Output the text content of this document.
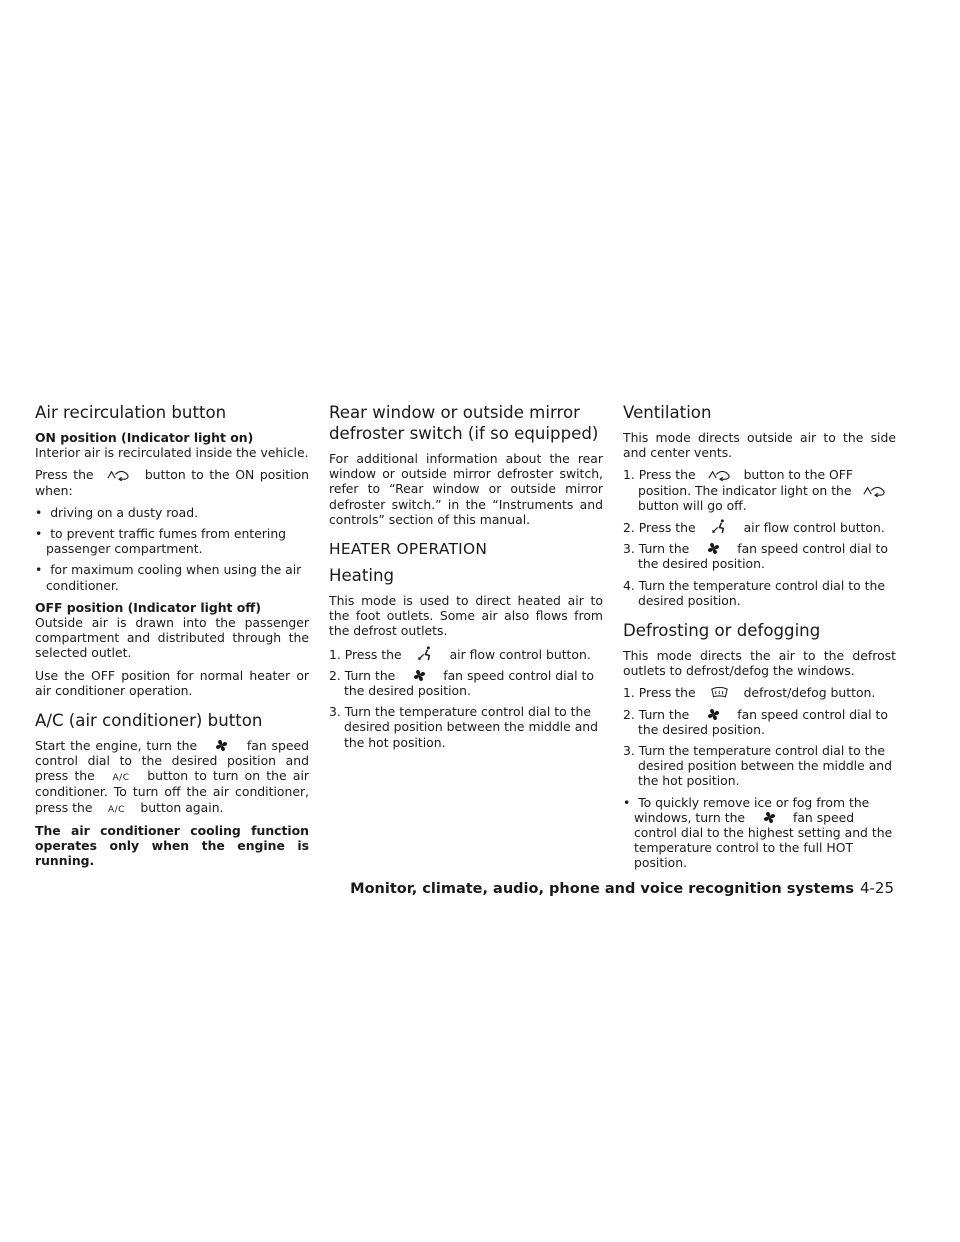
Air recirculation button

ON position (Indicator light on)
Interior air is recirculated inside the vehicle.

Press the	button to the ON position when:

•  driving on a dusty road.
•  to prevent traffic fumes from entering passenger compartment.
•  for maximum cooling when using the air conditioner.

OFF position (Indicator light off)
Outside air is drawn into the passenger compartment and distributed through the selected outlet.

Use the OFF position for normal heater or air conditioner operation.

A/C (air conditioner) button

Start the engine, turn the	fan speed control dial to the desired position and press the A/C button to turn on the air conditioner. To turn off the air conditioner, press the A/C button again.

The air conditioner cooling function operates only when the engine is running.

Rear window or outside mirror defroster switch (if so equipped)

For additional information about the rear window or outside mirror defroster switch, refer to “Rear window or outside mirror defroster switch.” in the “Instruments and controls” section of this manual.

HEATER OPERATION
Heating

This mode is used to direct heated air to the foot outlets. Some air also flows from the defrost outlets.

1. Press the	air flow control button.
2. Turn the	fan speed control dial to the desired position.
3. Turn the temperature control dial to the desired position between the middle and the hot position.
Ventilation

This mode directs outside air to the side and center vents.

1. Press the	button to the OFF position. The indicator light on the  button will go off.
2. Press the	air flow control button.
3. Turn the	fan speed control dial to the desired position.
4. Turn the temperature control dial to the desired position.
Defrosting or defogging

This mode directs the air to the defrost outlets to defrost/defog the windows.

1. Press the	defrost/defog button.
2. Turn the	fan speed control dial to the desired position.
3. Turn the temperature control dial to the desired position between the middle and the hot position.
•  To quickly remove ice or fog from the windows, turn the	fan speed control dial to the highest setting and the temperature control to the full HOT position.
Monitor, climate, audio, phone and voice recognition systems 4-25
